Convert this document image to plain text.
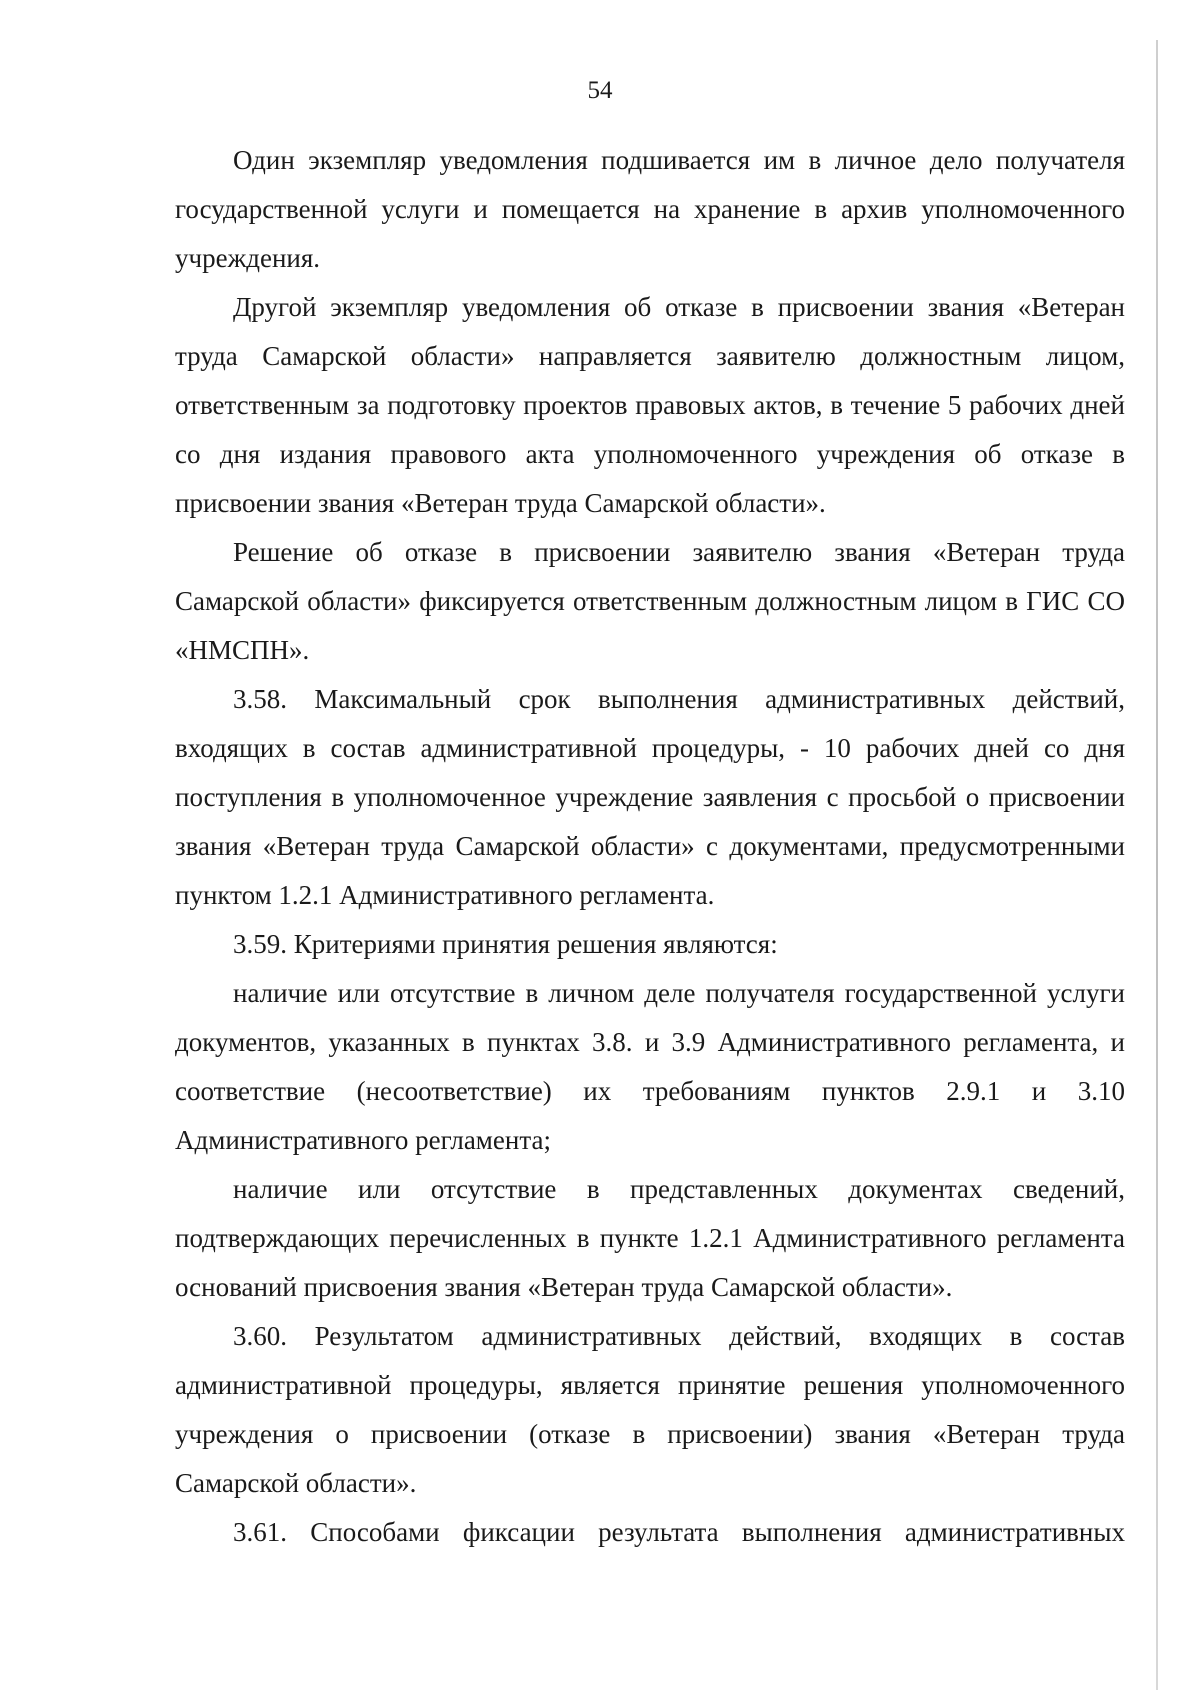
54

Один экземпляр уведомления подшивается им в личное дело получателя государственной услуги и помещается на хранение в архив уполномоченного учреждения.

Другой экземпляр уведомления об отказе в присвоении звания «Ветеран труда Самарской области» направляется заявителю должностным лицом, ответственным за подготовку проектов правовых актов, в течение 5 рабочих дней со дня издания правового акта уполномоченного учреждения об отказе в присвоении звания «Ветеран труда Самарской области».

Решение об отказе в присвоении заявителю звания «Ветеран труда Самарской области» фиксируется ответственным должностным лицом в ГИС СО «НМСПН».

3.58. Максимальный срок выполнения административных действий, входящих в состав административной процедуры, - 10 рабочих дней со дня поступления в уполномоченное учреждение заявления с просьбой о присвоении звания «Ветеран труда Самарской области» с документами, предусмотренными пунктом 1.2.1 Административного регламента.

3.59. Критериями принятия решения являются:

наличие или отсутствие в личном деле получателя государственной услуги документов, указанных в пунктах 3.8. и 3.9 Административного регламента, и соответствие (несоответствие) их требованиям пунктов 2.9.1 и 3.10 Административного регламента;

наличие или отсутствие в представленных документах сведений, подтверждающих перечисленных в пункте 1.2.1 Административного регламента оснований присвоения звания «Ветеран труда Самарской области».

3.60. Результатом административных действий, входящих в состав административной процедуры, является принятие решения уполномоченного учреждения о присвоении (отказе в присвоении) звания «Ветеран труда Самарской области».

3.61. Способами фиксации результата выполнения административных
